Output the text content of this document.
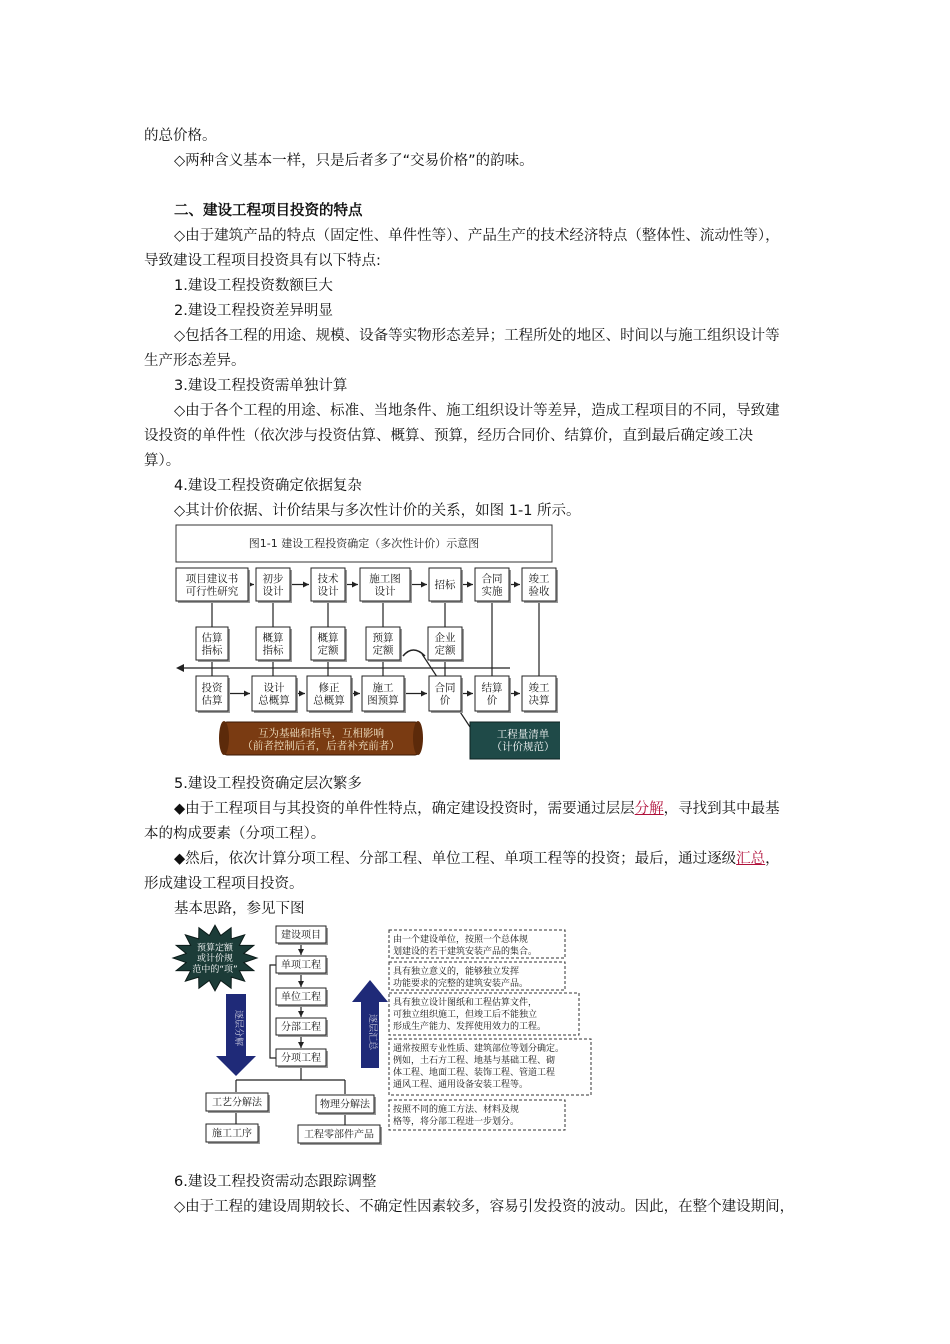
的总价格。
◇两种含义基本一样，只是后者多了“交易价格”的韵味。
二、建设工程项目投资的特点
◇由于建筑产品的特点（固定性、单件性等）、产品生产的技术经济特点（整体性、流动性等），
导致建设工程项目投资具有以下特点:
1.建设工程投资数额巨大
2.建设工程投资差异明显
◇包括各工程的用途、规模、设备等实物形态差异；工程所处的地区、时间以与施工组织设计等
生产形态差异。
3.建设工程投资需单独计算
◇由于各个工程的用途、标准、当地条件、施工组织设计等差异，造成工程项目的不同，导致建
设投资的单件性（依次涉与投资估算、概算、预算，经历合同价、结算价，直到最后确定竣工决
算）。
4.建设工程投资确定依据复杂
◇其计价依据、计价结果与多次性计价的关系，如图 1-1 所示。
图1-1 建设工程投资确定（多次性计价）示意图
项目建议书可行性研究
初步设计
技术设计
施工图设计
招标
合同实施
竣工验收
估算指标
概算指标
概算定额
预算定额
企业定额
投资估算
设计总概算
修正总概算
施工图预算
合同价
结算价
竣工决算
互为基础和指导，互相影响（前者控制后者，后者补充前者）
工程量清单（计价规范）
5.建设工程投资确定层次繁多
◆由于工程项目与其投资的单件性特点，确定建设投资时，需要通过层层分解，寻找到其中最基
本的构成要素（分项工程）。
◆然后，依次计算分项工程、分部工程、单位工程、单项工程等的投资；最后，通过逐级汇总，
形成建设工程项目投资。
基本思路，参见下图
预算定额或计价规范中的“项”
逐层分解	逐层汇总
建设项目
单项工程
单位工程
分部工程
分项工程
工艺分解法	物理分解法
施工工序	工程零部件产品
由一个建设单位，按照一个总体规划建设的若干建筑安装产品的集合。
具有独立意义的，能够独立发挥功能要求的完整的建筑安装产品。
具有独立设计图纸和工程估算文件，可独立组织施工，但竣工后不能独立形成生产能力、发挥使用效力的工程。
通常按照专业性质、建筑部位等划分确定。例如，土石方工程、地基与基础工程、砌体工程、地面工程、装饰工程、管道工程通风工程、通用设备安装工程等。
按照不同的施工方法、材料及规格等，将分部工程进一步划分。
6.建设工程投资需动态跟踪调整
◇由于工程的建设周期较长、不确定性因素较多，容易引发投资的波动。因此，在整个建设期间，
